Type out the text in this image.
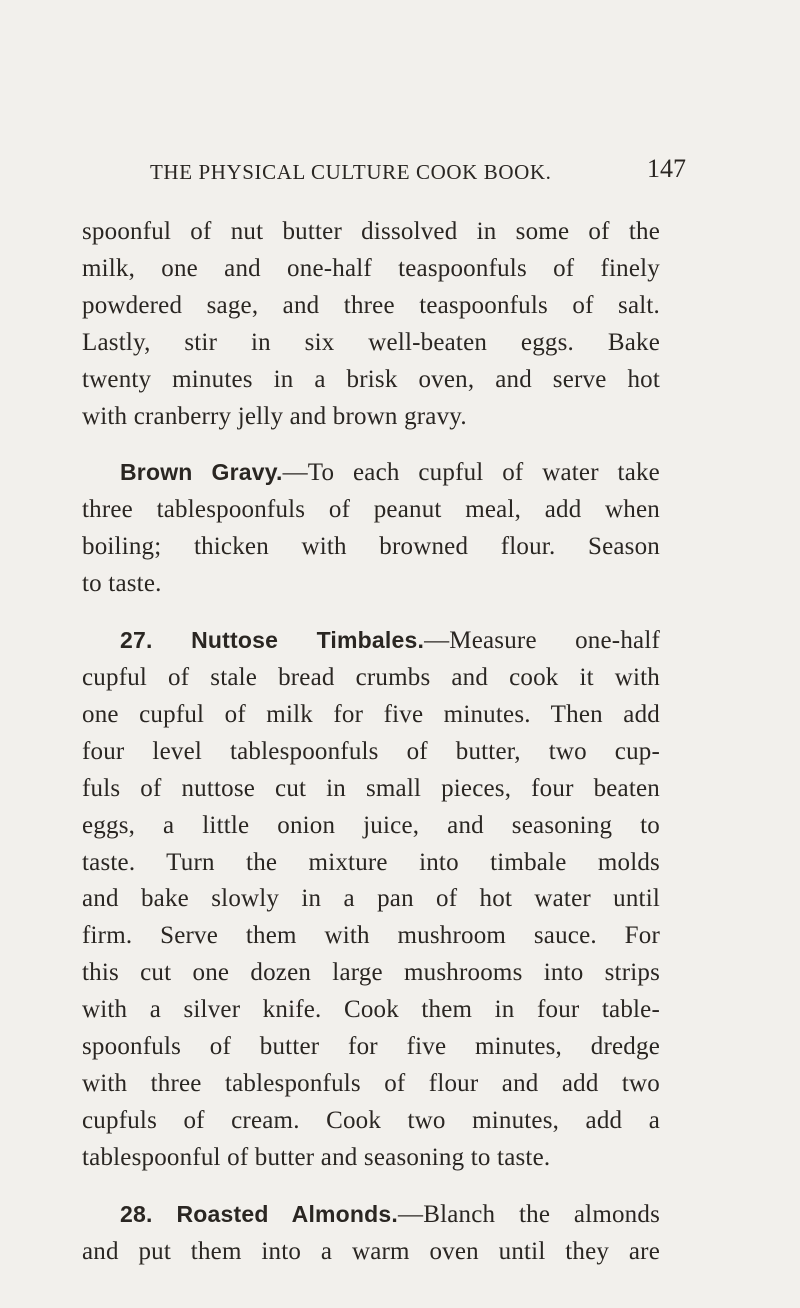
THE PHYSICAL CULTURE COOK BOOK.	147
spoonful of nut butter dissolved in some of the
milk, one and one-half teaspoonfuls of finely
powdered sage, and three teaspoonfuls of salt.
Lastly, stir in six well-beaten eggs. Bake
twenty minutes in a brisk oven, and serve hot
with cranberry jelly and brown gravy.
Brown Gravy.—To each cupful of water take
three tablespoonfuls of peanut meal, add when
boiling; thicken with browned flour. Season
to taste.
27. Nuttose Timbales.—Measure one-half
cupful of stale bread crumbs and cook it with
one cupful of milk for five minutes. Then add
four level tablespoonfuls of butter, two cup-
fuls of nuttose cut in small pieces, four beaten
eggs, a little onion juice, and seasoning to
taste. Turn the mixture into timbale molds
and bake slowly in a pan of hot water until
firm. Serve them with mushroom sauce. For
this cut one dozen large mushrooms into strips
with a silver knife. Cook them in four table-
spoonfuls of butter for five minutes, dredge
with three tablesponfuls of flour and add two
cupfuls of cream. Cook two minutes, add a
tablespoonful of butter and seasoning to taste.
28. Roasted Almonds.—Blanch the almonds
and put them into a warm oven until they are
